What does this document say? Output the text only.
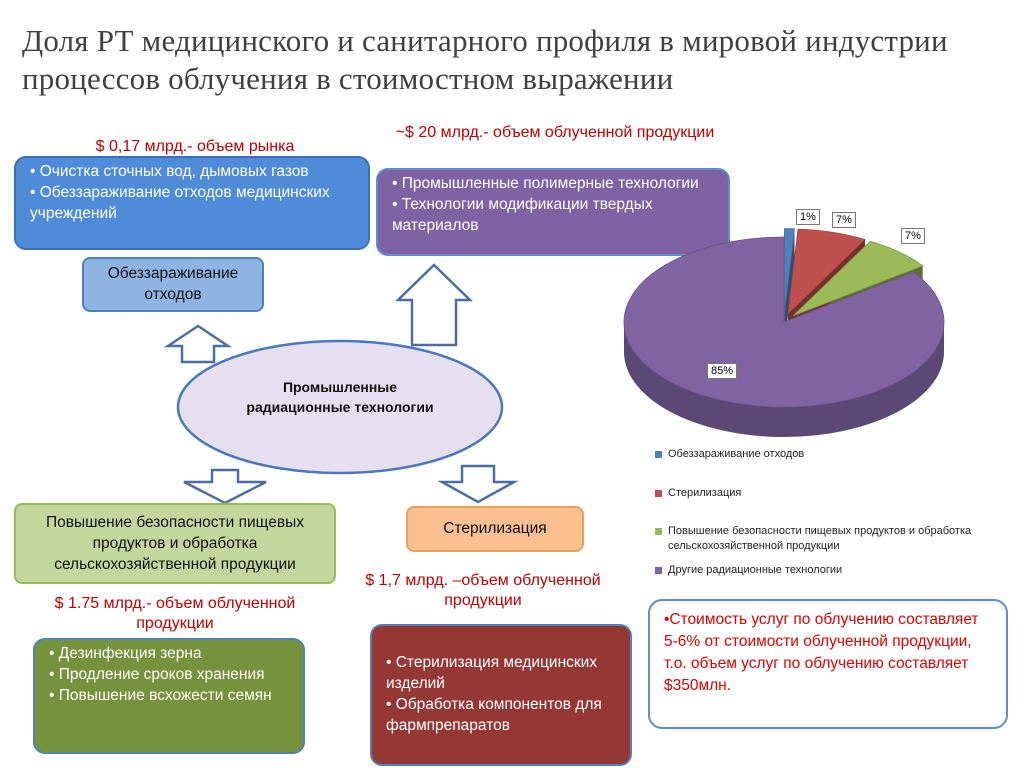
Доля РТ медицинского и санитарного профиля в мировой индустрии процессов облучения в стоимостном выражении
$ 0,17 млрд.- объем рынка
~$ 20 млрд.- объем облученной продукции
• Очистка сточных вод, дымовых газов
• Обеззараживание отходов медицинских учреждений
• Промышленные полимерные технологии
• Технологии модификации твердых материалов
Обеззараживание отходов
Промышленные радиационные технологии
Повышение безопасности пищевых продуктов и обработка сельскохозяйственной продукции
Стерилизация
$ 1.75 млрд.- объем облученной продукции
$ 1,7 млрд. –объем облученной продукции
• Дезинфекция зерна
• Продление сроков хранения
• Повышение всхожести семян
• Стерилизация медицинских изделий
• Обработка компонентов для фармпрепаратов
•Стоимость услуг по облучению составляет 5-6% от стоимости облученной продукции, т.о. объем услуг по облучению составляет $350млн.
1%	7%
7%
85%
Обеззараживание отходов
Стерилизация
Повышение безопасности пищевых продуктов и обработка сельскохозяйственной продукции
Другие радиационные технологии
